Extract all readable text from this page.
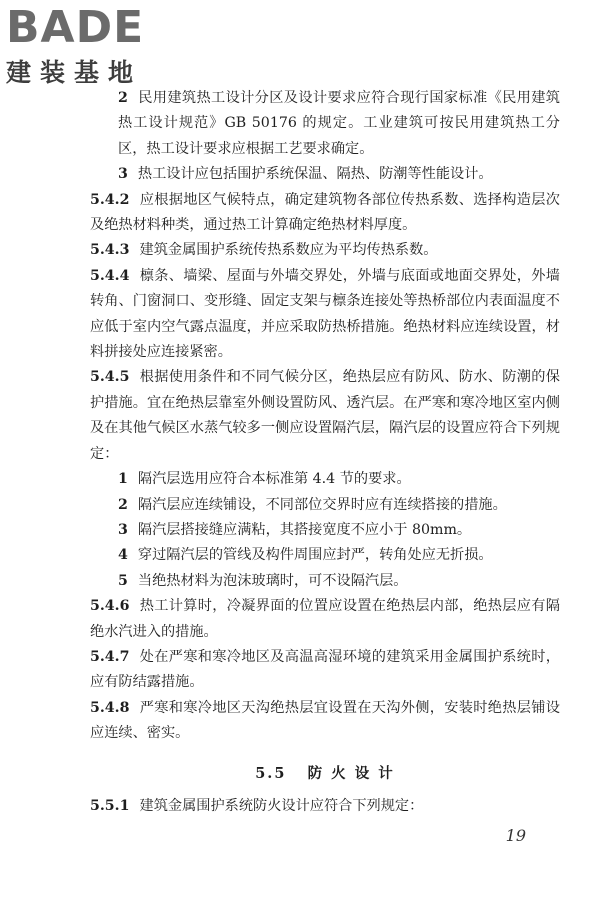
BADE
建装基地

2 民用建筑热工设计分区及设计要求应符合现行国家标准《民用建筑热工设计规范》GB 50176 的规定。工业建筑可按民用建筑热工分区，热工设计要求应根据工艺要求确定。

3 热工设计应包括围护系统保温、隔热、防潮等性能设计。

5.4.2 应根据地区气候特点，确定建筑物各部位传热系数、选择构造层次及绝热材料种类，通过热工计算确定绝热材料厚度。

5.4.3 建筑金属围护系统传热系数应为平均传热系数。

5.4.4 檩条、墙梁、屋面与外墙交界处，外墙与底面或地面交界处，外墙转角、门窗洞口、变形缝、固定支架与檩条连接处等热桥部位内表面温度不应低于室内空气露点温度，并应采取防热桥措施。绝热材料应连续设置，材料拼接处应连接紧密。

5.4.5 根据使用条件和不同气候分区，绝热层应有防风、防水、防潮的保护措施。宜在绝热层靠室外侧设置防风、透汽层。在严寒和寒冷地区室内侧及在其他气候区水蒸气较多一侧应设置隔汽层，隔汽层的设置应符合下列规定：

1 隔汽层选用应符合本标准第 4.4 节的要求。

2 隔汽层应连续铺设，不同部位交界时应有连续搭接的措施。

3 隔汽层搭接缝应满粘，其搭接宽度不应小于 80mm。

4 穿过隔汽层的管线及构件周围应封严，转角处应无折损。

5 当绝热材料为泡沫玻璃时，可不设隔汽层。

5.4.6 热工计算时，冷凝界面的位置应设置在绝热层内部，绝热层应有隔绝水汽进入的措施。

5.4.7 处在严寒和寒冷地区及高温高湿环境的建筑采用金属围护系统时，应有防结露措施。

5.4.8 严寒和寒冷地区天沟绝热层宜设置在天沟外侧，安装时绝热层铺设应连续、密实。

5.5 防 火 设 计

5.5.1 建筑金属围护系统防火设计应符合下列规定：

19
